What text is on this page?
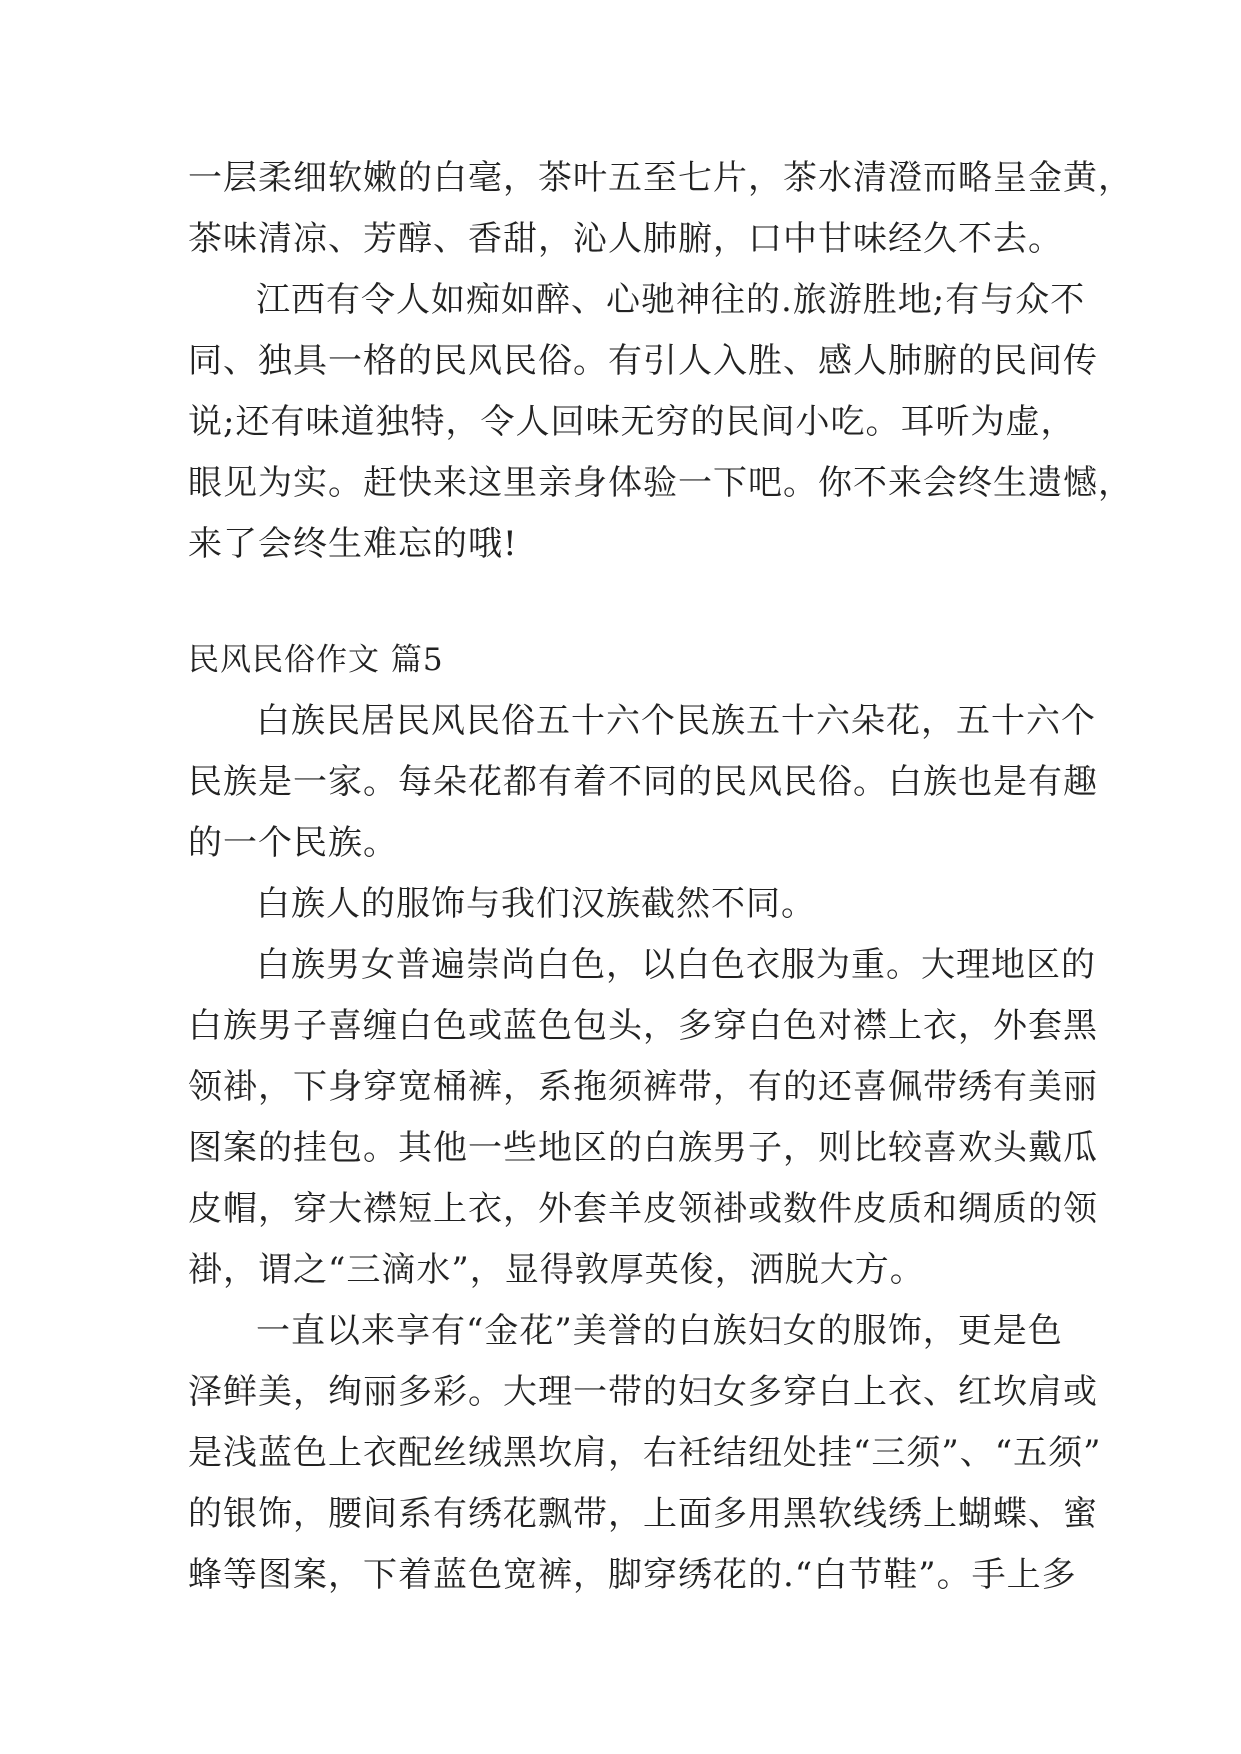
一层柔细软嫩的白毫，茶叶五至七片，茶水清澄而略呈金黄，
茶味清凉、芳醇、香甜，沁人肺腑，口中甘味经久不去。
江西有令人如痴如醉、心驰神往的.旅游胜地;有与众不
同、独具一格的民风民俗。有引人入胜、感人肺腑的民间传
说;还有味道独特，令人回味无穷的民间小吃。耳听为虚，
眼见为实。赶快来这里亲身体验一下吧。你不来会终生遗憾，
来了会终生难忘的哦!
民风民俗作文 篇5
白族民居民风民俗五十六个民族五十六朵花，五十六个
民族是一家。每朵花都有着不同的民风民俗。白族也是有趣
的一个民族。
白族人的服饰与我们汉族截然不同。
白族男女普遍崇尚白色，以白色衣服为重。大理地区的
白族男子喜缠白色或蓝色包头，多穿白色对襟上衣，外套黑
领褂，下身穿宽桶裤，系拖须裤带，有的还喜佩带绣有美丽
图案的挂包。其他一些地区的白族男子，则比较喜欢头戴瓜
皮帽，穿大襟短上衣，外套羊皮领褂或数件皮质和绸质的领
褂，谓之“三滴水”，显得敦厚英俊，洒脱大方。
一直以来享有“金花”美誉的白族妇女的服饰，更是色
泽鲜美，绚丽多彩。大理一带的妇女多穿白上衣、红坎肩或
是浅蓝色上衣配丝绒黑坎肩，右衽结纽处挂“三须”、“五须”
的银饰，腰间系有绣花飘带，上面多用黑软线绣上蝴蝶、蜜
蜂等图案，下着蓝色宽裤，脚穿绣花的.“白节鞋”。手上多
